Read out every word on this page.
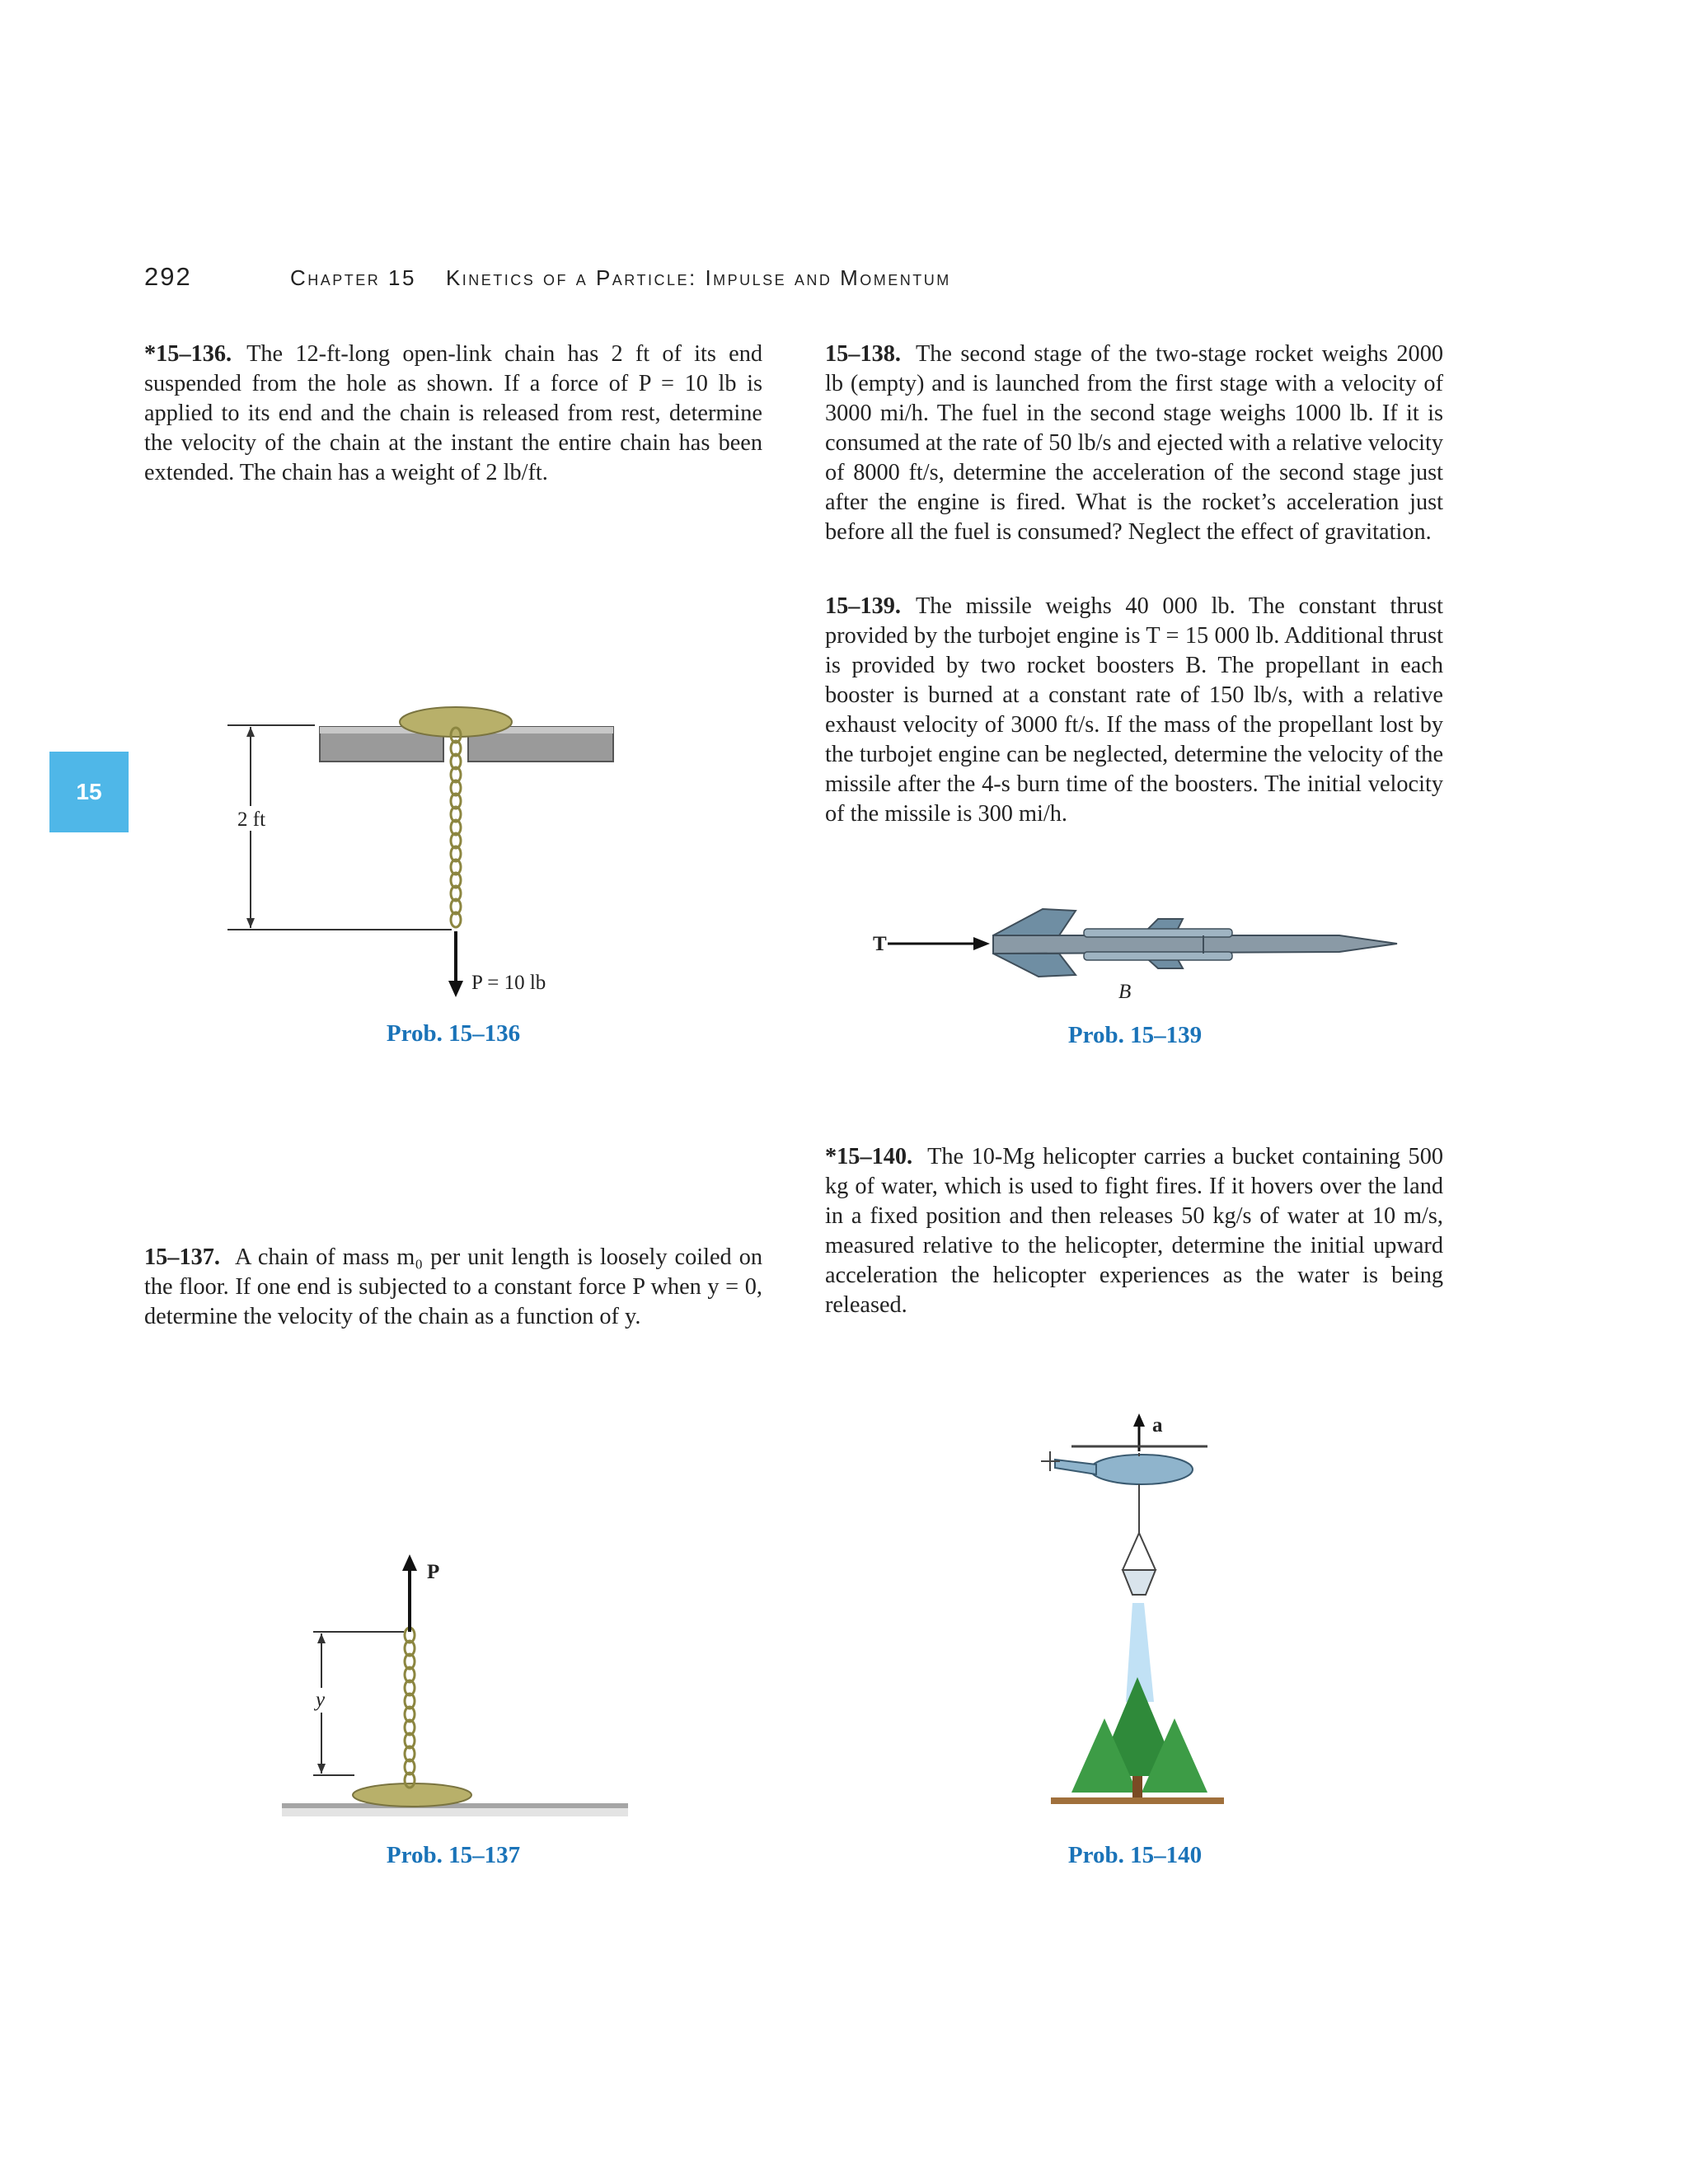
292	Chapter 15 Kinetics of a Particle: Impulse and Momentum
15
*15–136. The 12-ft-long open-link chain has 2 ft of its end suspended from the hole as shown. If a force of P = 10 lb is applied to its end and the chain is released from rest, determine the velocity of the chain at the instant the entire chain has been extended. The chain has a weight of 2 lb/ft.
2 ft
P = 10 lb
Prob. 15–136
15–137. A chain of mass m₀ per unit length is loosely coiled on the floor. If one end is subjected to a constant force P when y = 0, determine the velocity of the chain as a function of y.
P
y
Prob. 15–137
15–138. The second stage of the two-stage rocket weighs 2000 lb (empty) and is launched from the first stage with a velocity of 3000 mi/h. The fuel in the second stage weighs 1000 lb. If it is consumed at the rate of 50 lb/s and ejected with a relative velocity of 8000 ft/s, determine the acceleration of the second stage just after the engine is fired. What is the rocket’s acceleration just before all the fuel is consumed? Neglect the effect of gravitation.
15–139. The missile weighs 40 000 lb. The constant thrust provided by the turbojet engine is T = 15 000 lb. Additional thrust is provided by two rocket boosters B. The propellant in each booster is burned at a constant rate of 150 lb/s, with a relative exhaust velocity of 3000 ft/s. If the mass of the propellant lost by the turbojet engine can be neglected, determine the velocity of the missile after the 4-s burn time of the boosters. The initial velocity of the missile is 300 mi/h.
T
B
Prob. 15–139
*15–140. The 10-Mg helicopter carries a bucket containing 500 kg of water, which is used to fight fires. If it hovers over the land in a fixed position and then releases 50 kg/s of water at 10 m/s, measured relative to the helicopter, determine the initial upward acceleration the helicopter experiences as the water is being released.
a
Prob. 15–140
